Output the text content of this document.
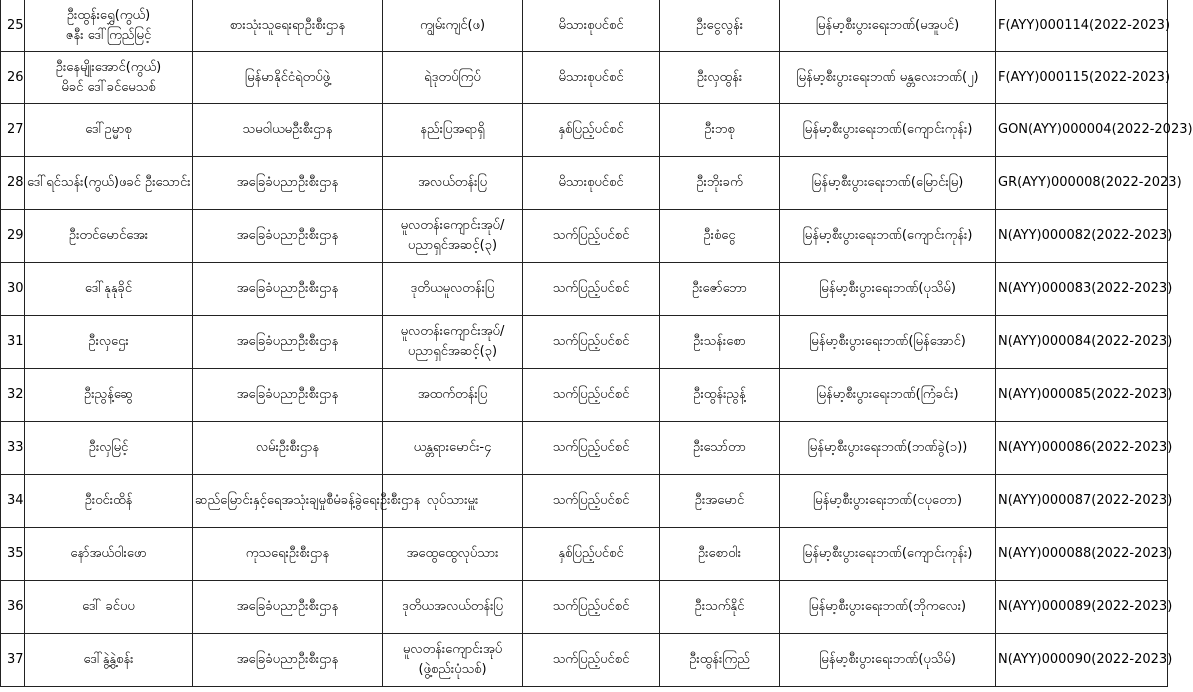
25	ဦးထွန်းရွှေ(ကွယ်)
ဇနီး ဒေါ်ကြည်မြင့်	စားသုံးသူရေးရာဦးစီးဌာန	ကျွမ်းကျင်(ဖ)	မိသားစုပင်စင်	ဦးငွေလွန်း	မြန်မာ့စီးပွားရေးဘဏ်(မအူပင်)	F(AYY)000114(2022-2023)
26	ဦးနေမျိုးအောင်(ကွယ်)
မိခင် ဒေါ်ခင်မေသစ်	မြန်မာနိုင်ငံရဲတပ်ဖွဲ့	ရဲဒုတပ်ကြပ်	မိသားစုပင်စင်	ဦးလှထွန်း	မြန်မာ့စီးပွားရေးဘဏ် မန္တလေးဘဏ်(၂)	F(AYY)000115(2022-2023)
27	ဒေါ်ဥမ္မာစု	သမဝါယမဦးစီးဌာန	နည်းပြအရာရှိ	နှစ်ပြည့်ပင်စင်	ဦးဘစု	မြန်မာ့စီးပွားရေးဘဏ်(ကျောင်းကုန်း)	GON(AYY)000004(2022-2023)
28	ဒေါ်ရင်သန်း(ကွယ်)ဖခင် ဦးသောင်း	အခြေခံပညာဦးစီးဌာန	အလယ်တန်းပြ	မိသားစုပင်စင်	ဦးဘိုးခက်	မြန်မာ့စီးပွားရေးဘဏ်(မြောင်းမြ)	GR(AYY)000008(2022-2023)
29	ဦးတင်မောင်အေး	အခြေခံပညာဦးစီးဌာန	မူလတန်းကျောင်းအုပ်/
ပညာရှင်အဆင့်(၃)	သက်ပြည့်ပင်စင်	ဦးစံငွေ	မြန်မာ့စီးပွားရေးဘဏ်(ကျောင်းကုန်း)	N(AYY)000082(2022-2023)
30	ဒေါ်နုနုခိုင်	အခြေခံပညာဦးစီးဌာန	ဒုတိယမူလတန်းပြ	သက်ပြည့်ပင်စင်	ဦးဇော်ဘော	မြန်မာ့စီးပွားရေးဘဏ်(ပုသိမ်)	N(AYY)000083(2022-2023)
31	ဦးလှဌေး	အခြေခံပညာဦးစီးဌာန	မူလတန်းကျောင်းအုပ်/
ပညာရှင်အဆင့်(၃)	သက်ပြည့်ပင်စင်	ဦးသန်းစော	မြန်မာ့စီးပွားရေးဘဏ်(မြန်အောင်)	N(AYY)000084(2022-2023)
32	ဦးညွန့်ဆွေ	အခြေခံပညာဦးစီးဌာန	အထက်တန်းပြ	သက်ပြည့်ပင်စင်	ဦးထွန်းညွန့်	မြန်မာ့စီးပွားရေးဘဏ်(ကြံခင်း)	N(AYY)000085(2022-2023)
33	ဦးလှမြင့်	လမ်းဦးစီးဌာန	ယန္တရားမောင်း-၄	သက်ပြည့်ပင်စင်	ဦးသော်တာ	မြန်မာ့စီးပွားရေးဘဏ်(ဘဏ်ခွဲ(၁))	N(AYY)000086(2022-2023)
34	ဦးဝင်းထိန်	ဆည်မြောင်းနှင့်ရေအသုံးချမှုစီမံခန့်ခွဲရေးဦးစီးဌာန	လုပ်သားမှူး	သက်ပြည့်ပင်စင်	ဦးအမောင်	မြန်မာ့စီးပွားရေးဘဏ်(ငပုတော)	N(AYY)000087(2022-2023)
35	နော်အယ်ဝါးဖော	ကုသရေးဦးစီးဌာန	အထွေထွေလုပ်သား	နှစ်ပြည့်ပင်စင်	ဦးစောဝါး	မြန်မာ့စီးပွားရေးဘဏ်(ကျောင်းကုန်း)	N(AYY)000088(2022-2023)
36	ဒေါ် ခင်ပပ	အခြေခံပညာဦးစီးဌာန	ဒုတိယအလယ်တန်းပြ	သက်ပြည့်ပင်စင်	ဦးသက်နိုင်	မြန်မာ့စီးပွားရေးဘဏ်(ဘိုကလေး)	N(AYY)000089(2022-2023)
37	ဒေါ်နွဲ့နွဲ့စန်း	အခြေခံပညာဦးစီးဌာန	မူလတန်းကျောင်းအုပ်
(ဖွဲ့စည်းပုံသစ်)	သက်ပြည့်ပင်စင်	ဦးထွန်းကြည်	မြန်မာ့စီးပွားရေးဘဏ်(ပုသိမ်)	N(AYY)000090(2022-2023)
